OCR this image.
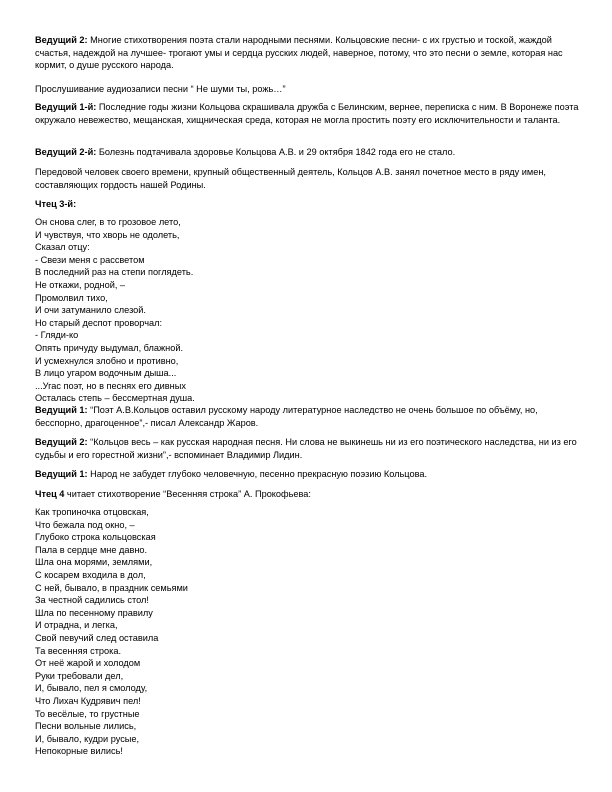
Ведущий 2: Многие стихотворения поэта стали народными песнями. Кольцовские песни- с их грустью и тоской, жаждой счастья, надеждой на лучшее- трогают умы и сердца русских людей, наверное, потому, что это песни о земле, которая нас кормит, о душе русского народа.

Прослушивание аудиозаписи песни “ Не шуми ты, рожь…”

Ведущий 1-й: Последние годы жизни Кольцова скрашивала дружба с Белинским, вернее, переписка с ним. В Воронеже поэта окружало невежество, мещанская, хищническая среда, которая не могла простить поэту его исключительности и таланта.

Ведущий 2-й: Болезнь подтачивала здоровье Кольцова А.В. и 29 октября 1842 года его не стало.

Передовой человек своего времени, крупный общественный деятель, Кольцов А.В. занял почетное место в ряду имен, составляющих гордость нашей Родины.

Чтец 3-й:

Он снова слег, в то грозовое лето,
И чувствуя, что хворь не одолеть,
Сказал отцу:
- Свези меня с рассветом
В последний раз на степи поглядеть.
Не откажи, родной, –
Промолвил тихо,
И очи затуманило слезой.
Но старый деспот проворчал:
- Гляди-ко
Опять причуду выдумал, блажной.
И усмехнулся злобно и противно,
В лицо угаром водочным дыша...
...Угас поэт, но в песнях его дивных
Осталась степь – бессмертная душа.

Ведущий 1: “Поэт А.В.Кольцов оставил русскому народу литературное наследство не очень большое по объёму, но, бесспорно, драгоценное”,- писал Александр Жаров.

Ведущий 2: “Кольцов весь – как русская народная песня. Ни слова не выкинешь ни из его поэтического наследства, ни из его судьбы и его горестной жизни”,- вспоминает Владимир Лидин.

Ведущий 1: Народ не забудет глубоко человечную, песенно прекрасную поэзию Кольцова.

Чтец 4 читает стихотворение “Весенняя строка” А. Прокофьева:

Как тропиночка отцовская,
Что бежала под окно, –
Глубоко строка кольцовская
Пала в сердце мне давно.
Шла она морями, землями,
С косарем входила в дол,
С ней, бывало, в праздник семьями
За честной садились стол!
Шла по песенному правилу
И отрадна, и легка,
Свой певучий след оставила
Та весенняя строка.
От неё жарой и холодом
Руки требовали дел,
И, бывало, пел я смолоду,
Что Лихач Кудрявич пел!
То весёлые, то грустные
Песни вольные лились,
И, бывало, кудри русые,
Непокорные вились!
